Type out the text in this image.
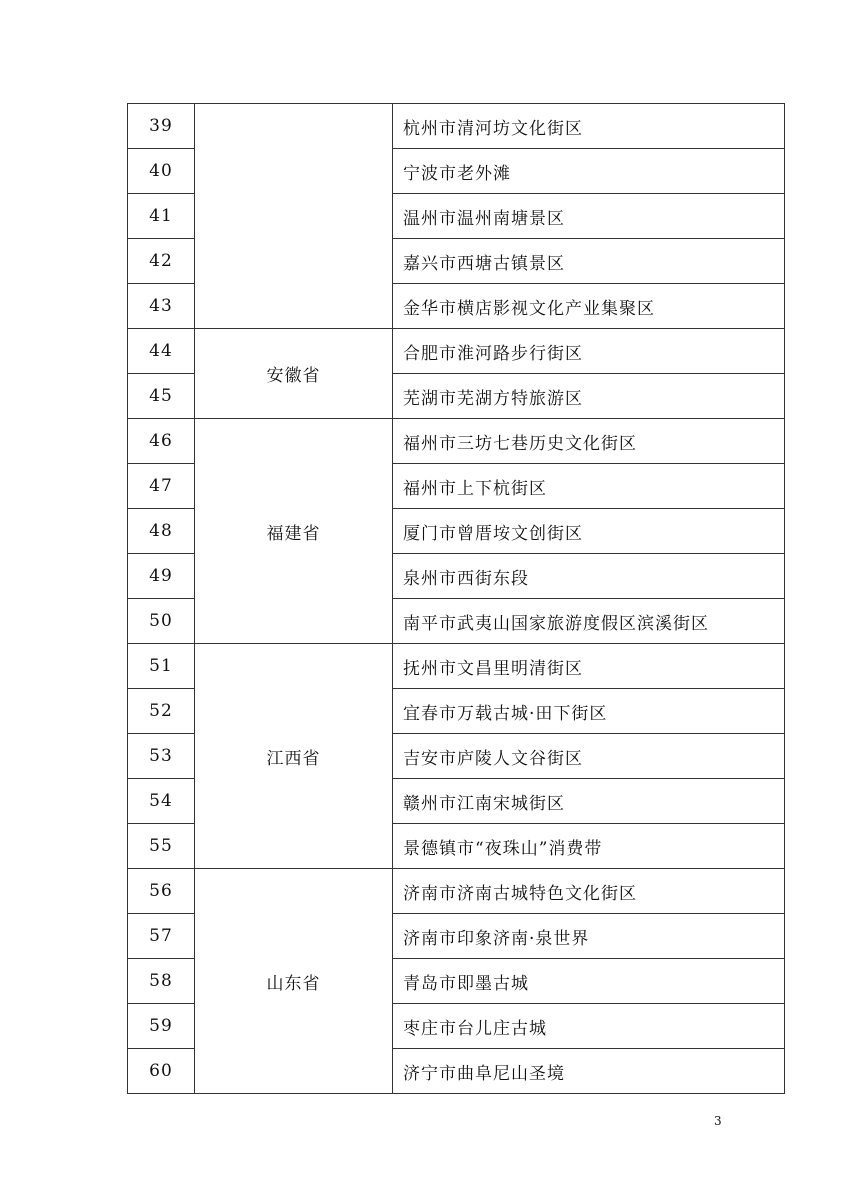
39		杭州市清河坊文化街区
40		宁波市老外滩
41		温州市温州南塘景区
42		嘉兴市西塘古镇景区
43		金华市横店影视文化产业集聚区
44	安徽省	合肥市淮河路步行街区
45		芜湖市芜湖方特旅游区
46	福建省	福州市三坊七巷历史文化街区
47		福州市上下杭街区
48		厦门市曾厝垵文创街区
49		泉州市西街东段
50		南平市武夷山国家旅游度假区滨溪街区
51	江西省	抚州市文昌里明清街区
52		宜春市万载古城·田下街区
53		吉安市庐陵人文谷街区
54		赣州市江南宋城街区
55		景德镇市“夜珠山”消费带
56	山东省	济南市济南古城特色文化街区
57		济南市印象济南·泉世界
58		青岛市即墨古城
59		枣庄市台儿庄古城
60		济宁市曲阜尼山圣境
3
